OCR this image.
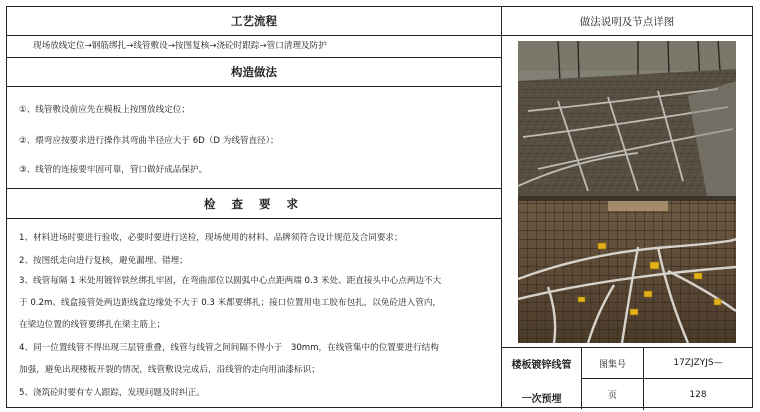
工艺流程
现场放线定位→钢筋绑扎→线管敷设→按图复核→浇砼时跟踪→管口清理及防护
构造做法
①、线管敷设前应先在模板上按图放线定位；
②、煨弯应按要求进行操作其弯曲半径应大于 6D（D 为线管直径）；
③、线管的连接要牢固可靠，管口做好成品保护。
检 查 要 求
1、材料进场时要进行验收，必要时要进行送检，现场使用的材料、品牌须符合设计规范及合同要求；
2、按图纸走向进行复核，避免漏埋、错埋；
3、线管每隔 1 米处用镀锌铁丝绑扎牢固，在弯曲部位以圆弧中心点距两端 0.3 米处、距直接头中心点两边不大
于 0.2m、线盒接管处两边距线盒边缘处不大于 0.3 米都要绑扎；接口位置用电工胶布包扎，以免砼进入管内，
在梁边位置的线管要绑扎在梁主筋上；
4、同一位置线管不得出现三层管重叠，线管与线管之间间隔不得小于　30mm，在线管集中的位置要进行结构
加强，避免出现楼板开裂的情况，线管敷设完成后，沿线管的走向用油漆标识；
5、浇筑砼时要有专人跟踪，发现问题及时纠正。
做法说明及节点详图
楼板镀锌线管
一次预埋
图集号	17ZJZYJS—
页	128
